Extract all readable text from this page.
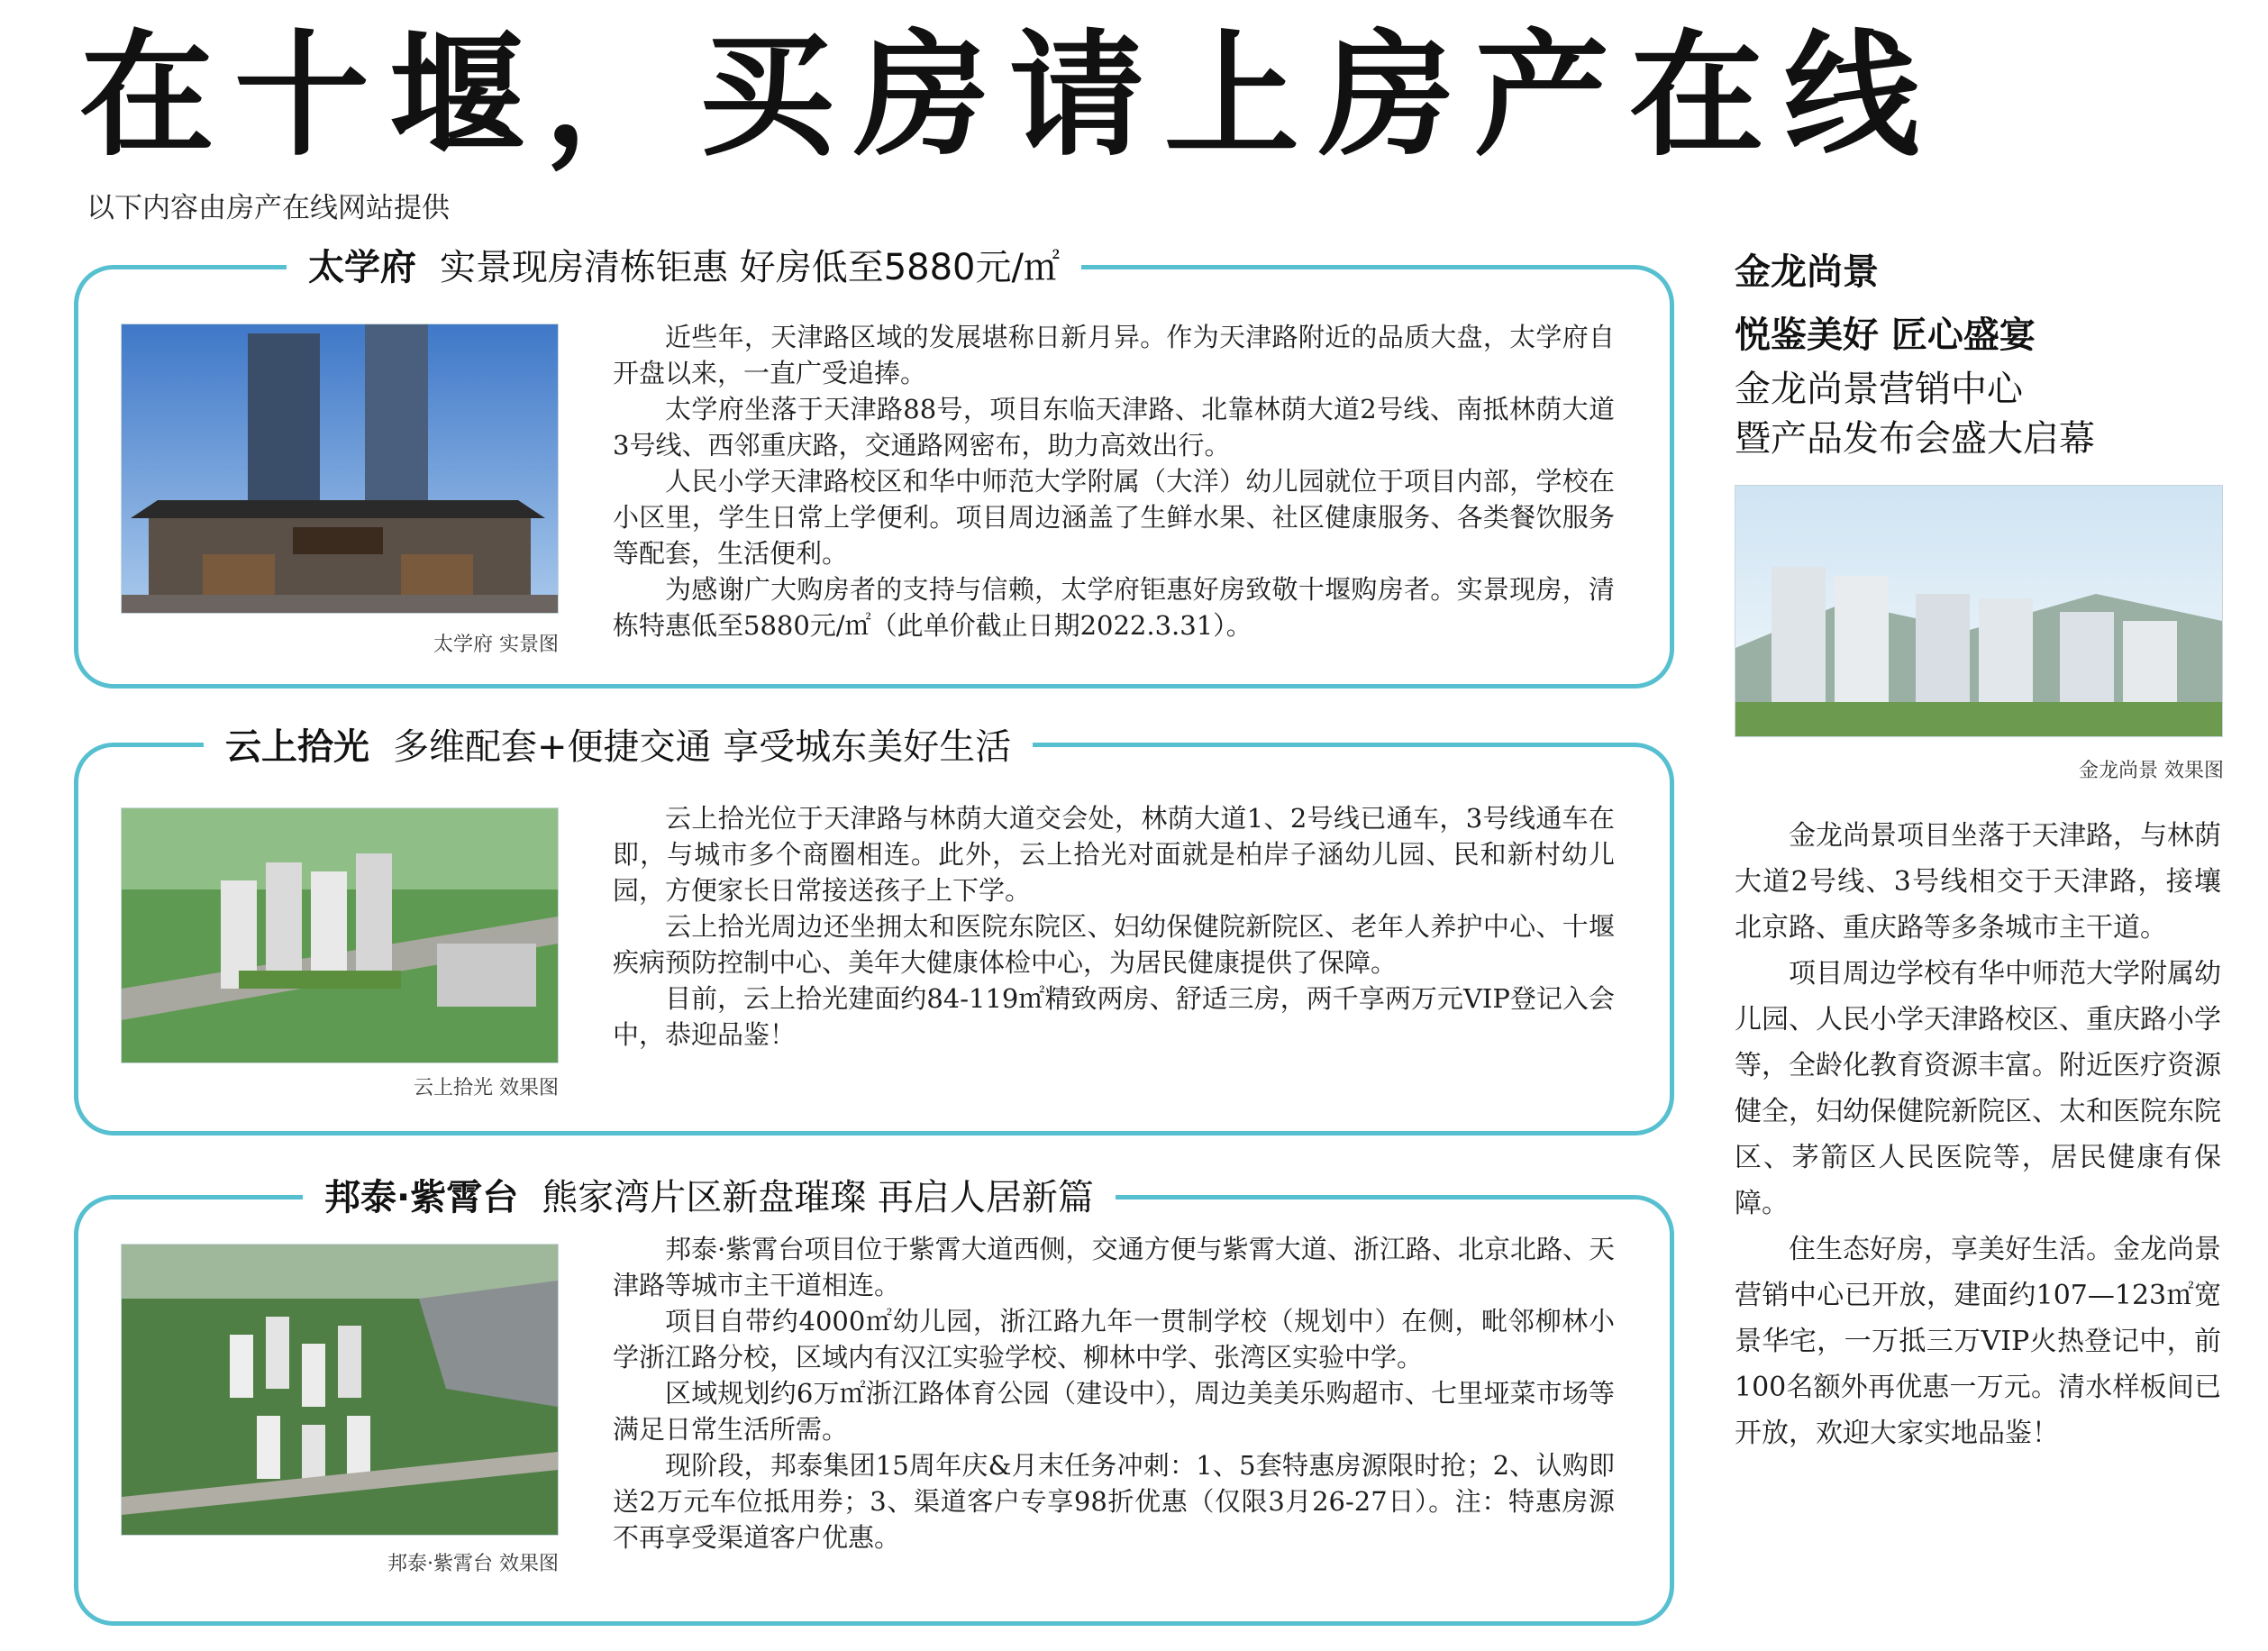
在十堰，买房请上房产在线
以下内容由房产在线网站提供
太学府 实景现房清栋钜惠 好房低至5880元/㎡
太学府 实景图

近些年，天津路区域的发展堪称日新月异。作为天津路附近的品质大盘，太学府自开盘以来，一直广受追捧。

太学府坐落于天津路88号，项目东临天津路、北靠林荫大道2号线、南抵林荫大道3号线、西邻重庆路，交通路网密布，助力高效出行。

人民小学天津路校区和华中师范大学附属（大洋）幼儿园就位于项目内部，学校在小区里，学生日常上学便利。项目周边涵盖了生鲜水果、社区健康服务、各类餐饮服务等配套，生活便利。

为感谢广大购房者的支持与信赖，太学府钜惠好房致敬十堰购房者。实景现房，清栋特惠低至5880元/㎡（此单价截止日期2022.3.31）。

云上拾光 多维配套+便捷交通 享受城东美好生活
云上拾光 效果图

云上拾光位于天津路与林荫大道交会处，林荫大道1、2号线已通车，3号线通车在即，与城市多个商圈相连。此外，云上拾光对面就是柏岸子涵幼儿园、民和新村幼儿园，方便家长日常接送孩子上下学。

云上拾光周边还坐拥太和医院东院区、妇幼保健院新院区、老年人养护中心、十堰疾病预防控制中心、美年大健康体检中心，为居民健康提供了保障。

目前，云上拾光建面约84-119㎡精致两房、舒适三房，两千享两万元VIP登记入会中，恭迎品鉴！

邦泰·紫霄台 熊家湾片区新盘璀璨 再启人居新篇
邦泰·紫霄台 效果图

邦泰·紫霄台项目位于紫霄大道西侧，交通方便与紫霄大道、浙江路、北京北路、天津路等城市主干道相连。

项目自带约4000㎡幼儿园，浙江路九年一贯制学校（规划中）在侧，毗邻柳林小学浙江路分校，区域内有汉江实验学校、柳林中学、张湾区实验中学。

区域规划约6万㎡浙江路体育公园（建设中），周边美美乐购超市、七里垭菜市场等满足日常生活所需。

现阶段，邦泰集团15周年庆&月末任务冲刺：1、5套特惠房源限时抢；2、认购即送2万元车位抵用券；3、渠道客户专享98折优惠（仅限3月26-27日）。注：特惠房源不再享受渠道客户优惠。

金龙尚景
悦鉴美好 匠心盛宴
金龙尚景营销中心
暨产品发布会盛大启幕
金龙尚景 效果图

金龙尚景项目坐落于天津路，与林荫大道2号线、3号线相交于天津路，接壤北京路、重庆路等多条城市主干道。

项目周边学校有华中师范大学附属幼儿园、人民小学天津路校区、重庆路小学等，全龄化教育资源丰富。附近医疗资源健全，妇幼保健院新院区、太和医院东院区、茅箭区人民医院等，居民健康有保障。

住生态好房，享美好生活。金龙尚景营销中心已开放，建面约107—123㎡宽景华宅，一万抵三万VIP火热登记中，前100名额外再优惠一万元。清水样板间已开放，欢迎大家实地品鉴！
